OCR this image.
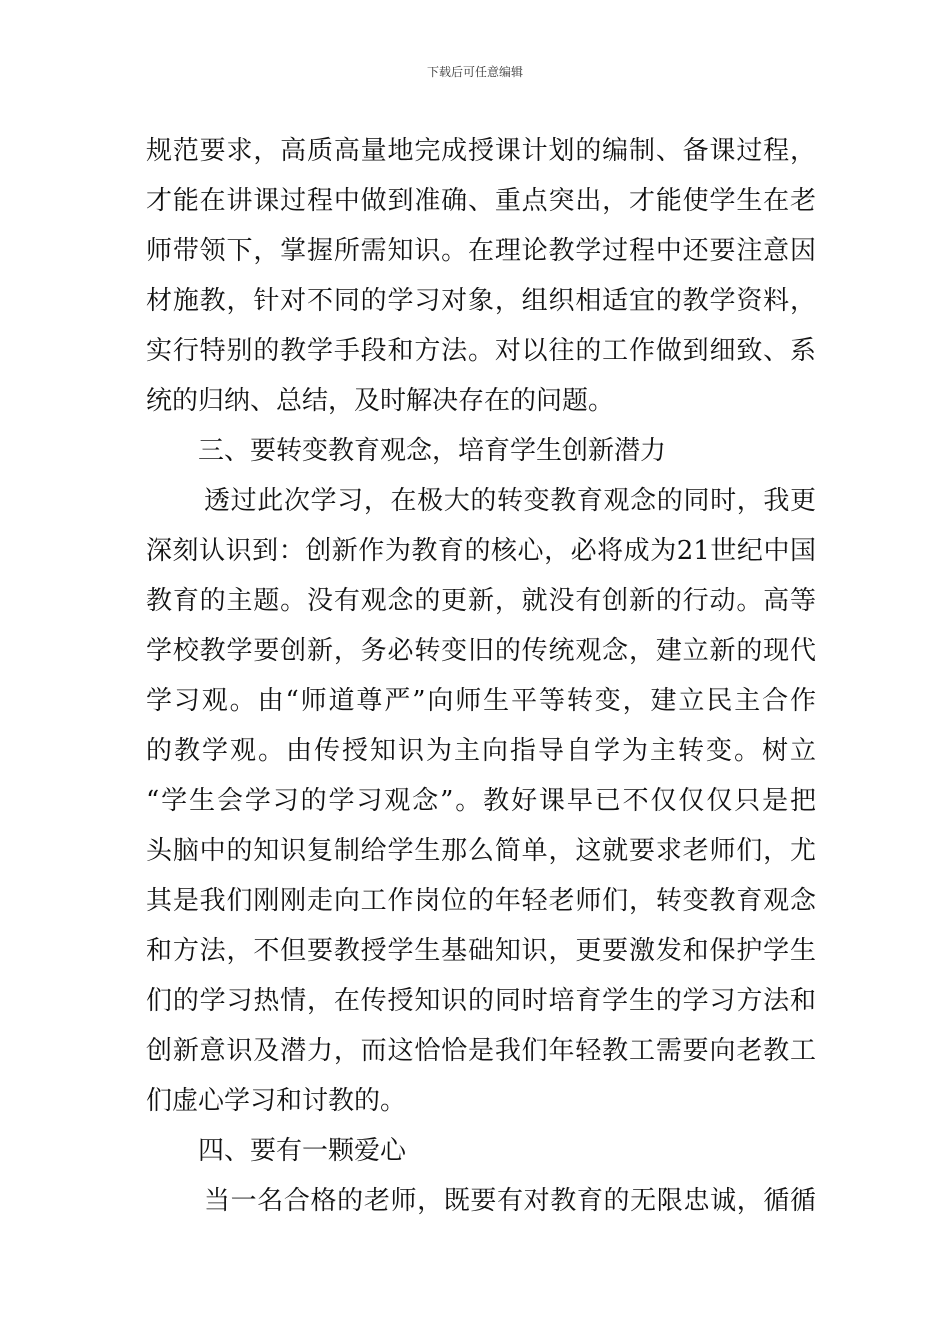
下载后可任意编辑
规范要求，高质高量地完成授课计划的编制、备课过程，
才能在讲课过程中做到准确、重点突出，才能使学生在老
师带领下，掌握所需知识。在理论教学过程中还要注意因
材施教，针对不同的学习对象，组织相适宜的教学资料，
实行特别的教学手段和方法。对以往的工作做到细致、系
统的归纳、总结，及时解决存在的问题。
三、要转变教育观念，培育学生创新潜力
透过此次学习，在极大的转变教育观念的同时，我更
深刻认识到：创新作为教育的核心，必将成为21世纪中国
教育的主题。没有观念的更新，就没有创新的行动。高等
学校教学要创新，务必转变旧的传统观念，建立新的现代
学习观。由“师道尊严”向师生平等转变，建立民主合作
的教学观。由传授知识为主向指导自学为主转变。树立
“学生会学习的学习观念”。教好课早已不仅仅仅只是把
头脑中的知识复制给学生那么简单，这就要求老师们，尤
其是我们刚刚走向工作岗位的年轻老师们，转变教育观念
和方法，不但要教授学生基础知识，更要激发和保护学生
们的学习热情，在传授知识的同时培育学生的学习方法和
创新意识及潜力，而这恰恰是我们年轻教工需要向老教工
们虚心学习和讨教的。
四、要有一颗爱心
当一名合格的老师，既要有对教育的无限忠诚，循循
